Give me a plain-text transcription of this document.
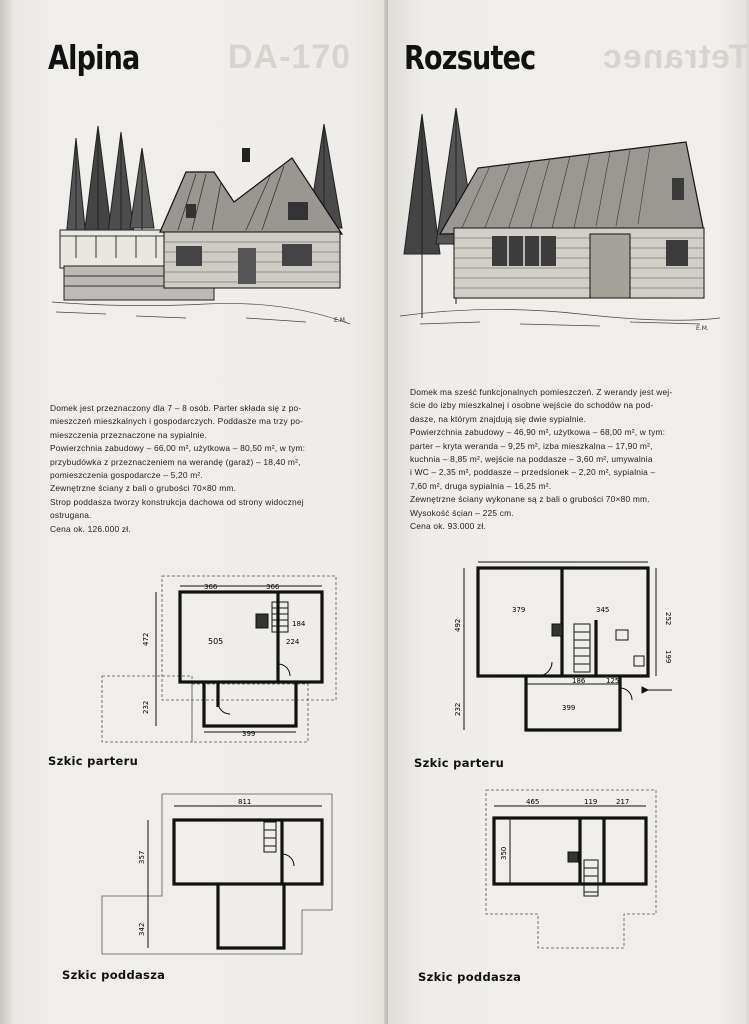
DA-170
Alpina
E.M.

Domek jest przeznaczony dla 7 – 8 osób. Parter składa się z po-

mieszczeń mieszkalnych i gospodarczych. Poddasze ma trzy po-

mieszczenia przeznaczone na sypialnie.

Powierzchnia zabudowy – 66,00 m², użytkowa – 80,50 m², w tym:

przybudówka z przeznaczeniem na werandę (garaż) – 18,40 m²,

pomieszczenia gospodarcze – 5,20 m².

Zewnętrzne ściany z bali o grubości 70×80 mm.

Strop poddasza tworzy konstrukcja dachowa od strony widocznej

ostrugana.

Cena ok. 126.000 zł.

366	366
184
505	224
472
232
399
Szkic parteru
811
357
342
Szkic poddasza
Tetranec
Rozsutec
E.M.

Domek ma sześć funkcjonalnych pomieszczeń. Z werandy jest wej-

ście do izby mieszkalnej i osobne wejście do schodów na pod-

dasze, na którym znajdują się dwie sypialnie.

Powierzchnia zabudowy – 46,90 m², użytkowa – 68,00 m², w tym:

parter – kryta weranda – 9,25 m², izba mieszkalna – 17,90 m²,

kuchnia – 8,85 m², wejście na poddasze – 3,60 m², umywalnia

i WC – 2,35 m², poddasze – przedsionek – 2,20 m², sypialnia –

7,60 m², druga sypialnia – 16,25 m².

Zewnętrzne ściany wykonane są z bali o grubości 70×80 mm.

Wysokość ścian – 225 cm.

Cena ok. 93.000 zł.

379	345
252
492
199
186	125
232	399
Szkic parteru
465	119	217
350
Szkic poddasza
